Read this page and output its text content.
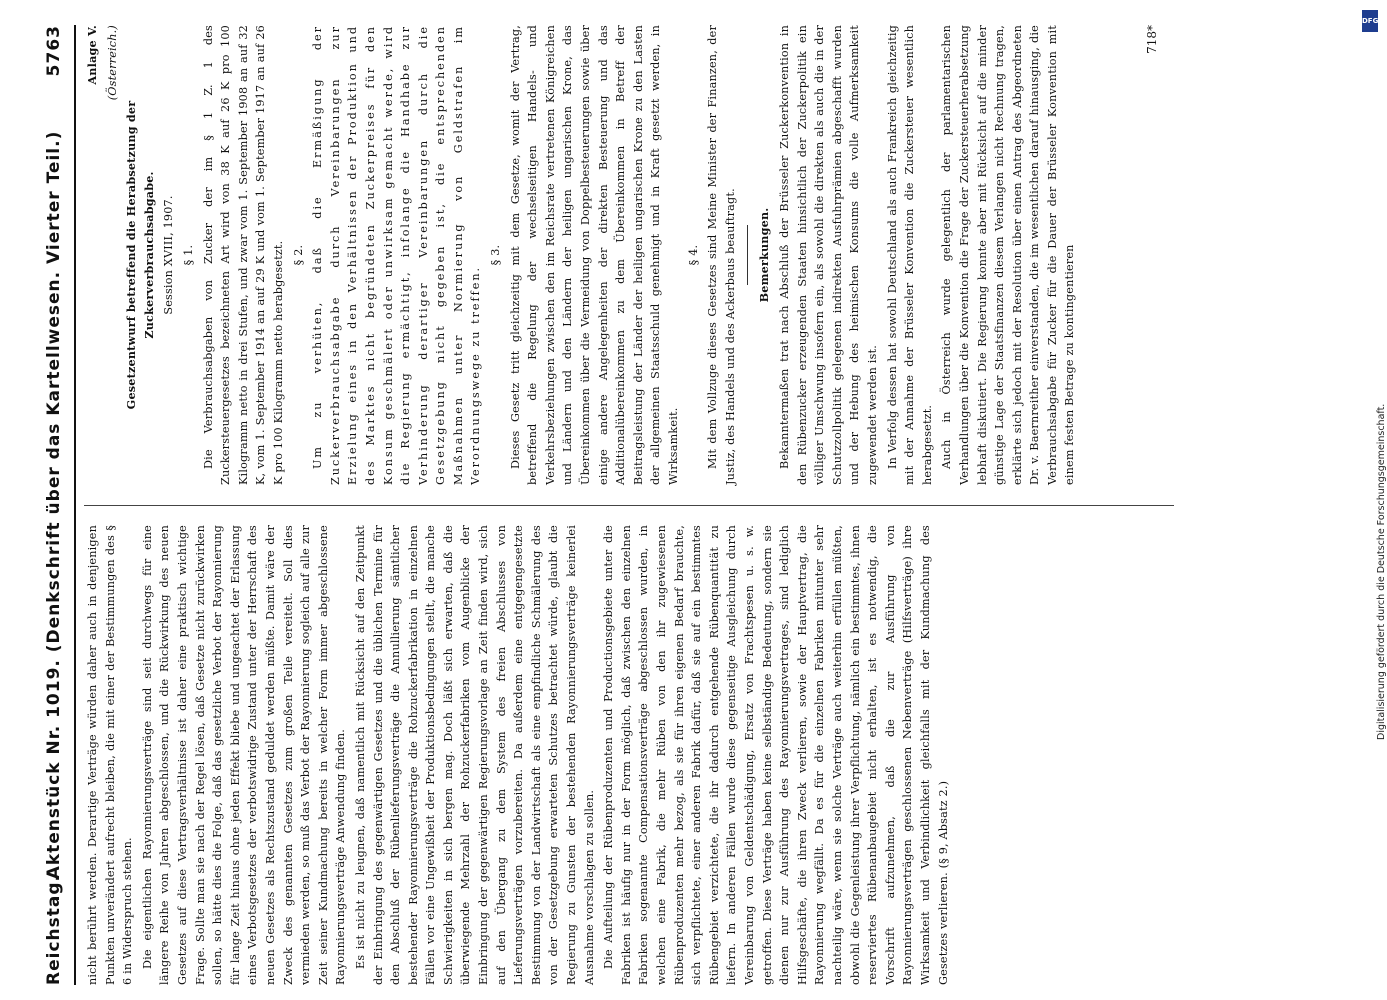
Reichstag.
Aktenstück Nr. 1019. (Denkschrift über das Kartellwesen. Vierter Teil.)
5763

nicht berührt werden. Derartige Verträge würden daher auch in denjenigen Punkten unverändert aufrecht bleiben, die mit einer der Bestimmungen des § 6 in Widerspruch stehen. Die eigentlichen Rayonnierungsverträge sind seit durchwegs für eine längere Reihe von Jahren abgeschlossen, und die Rückwirkung des neuen Gesetzes auf diese Vertragsverhältnisse ist daher eine praktisch wichtige Frage. Sollte man sie nach der Regel lösen, daß Gesetze nicht zurückwirken sollen, so hätte dies die Folge, daß das gesetzliche Verbot der Rayonnierung für lange Zeit hinaus ohne jeden Effekt bliebe und ungeachtet der Erlassung eines Verbotsgesetzes der verbotswidrige Zustand unter der Herrschaft des neuen Gesetzes als Rechtszustand geduldet werden müßte. Damit wäre der Zweck des genannten Gesetzes zum großen Teile vereitelt. Soll dies vermieden werden, so muß das Verbot der Rayonnierung sogleich auf alle zur Zeit seiner Kundmachung bereits in welcher Form immer abgeschlossene Rayonnierungsverträge Anwendung finden. Es ist nicht zu leugnen, daß namentlich mit Rücksicht auf den Zeitpunkt der Einbringung des gegenwärtigen Gesetzes und die üblichen Termine für den Abschluß der Rübenlieferungsverträge die Annullierung sämtlicher bestehender Rayonnierungsverträge die Rohzuckerfabrikation in einzelnen Fällen vor eine Ungewißheit der Produktionsbedingungen stellt, die manche Schwierigkeiten in sich bergen mag. Doch läßt sich erwarten, daß die überwiegende Mehrzahl der Rohzuckerfabriken vom Augenblicke der Einbringung der gegenwärtigen Regierungsvorlage an Zeit finden wird, sich auf den Übergang zu dem System des freien Abschlusses von Lieferungsverträgen vorzubereiten. Da außerdem eine entgegengesetzte Bestimmung von der Landwirtschaft als eine empfindliche Schmälerung des von der Gesetzgebung erwarteten Schutzes betrachtet würde, glaubt die Regierung zu Gunsten der bestehenden Rayonnierungsverträge keinerlei Ausnahme vorschlagen zu sollen. Die Aufteilung der Rübenproduzenten und Productionsgebiete unter die Fabriken ist häufig nur in der Form möglich, daß zwischen den einzelnen Fabriken sogenannte Compensationsverträge abgeschlossen wurden, in welchen eine Fabrik, die mehr Rüben von den ihr zugewiesenen Rübenproduzenten mehr bezog, als sie für ihren eigenen Bedarf brauchte, sich verpflichtete, einer anderen Fabrik dafür, daß sie auf ein bestimmtes Rübengebiet verzichtete, die ihr dadurch entgehende Rübenquantität zu liefern. In anderen Fällen wurde diese gegenseitige Ausgleichung durch Vereinbarung von Geldentschädigung, Ersatz von Frachtspesen u. s. w. getroffen. Diese Verträge haben keine selbständige Bedeutung, sondern sie dienen nur zur Ausführung des Rayonnierungsvertrages, sind lediglich Hilfsgeschäfte, die ihren Zweck verlieren, sowie der Hauptvertrag, die Rayonnierung wegfällt. Da es für die einzelnen Fabriken mitunter sehr nachteilig wäre, wenn sie solche Verträge auch weiterhin erfüllen müßten, obwohl die Gegenleistung ihrer Verpflichtung, nämlich ein bestimmtes, ihnen reserviertes Rübenanbaugebiet nicht erhalten, ist es notwendig, die Vorschrift aufzunehmen, daß die zur Ausführung von Rayonnierungsverträgen geschlossenen Nebenverträge (Hilfsverträge) ihre Wirksamkeit und Verbindlichkeit gleichfalls mit der Kundmachung des Gesetzes verlieren. (§ 9, Absatz 2.)

Anlage V. (Österreich.)

Gesetzentwurf betreffend die Herabsetzung der Zuckerverbrauchsabgabe. Session XVIII, 1907. § 1. Die Verbrauchsabgaben von Zucker der im § 1 Z. 1 des Zuckersteuergesetzes bezeichneten Art wird von 38 K auf 26 K pro 100 Kilogramm netto in drei Stufen, und zwar vom 1. September 1908 an auf 32 K, vom 1. September 1914 an auf 29 K und vom 1. September 1917 an auf 26 K pro 100 Kilogramm netto herabgesetzt. § 2. Um zu verhüten, daß die Ermäßigung der Zuckerverbrauchsabgabe durch Vereinbarungen zur Erzielung eines in den Verhältnissen der Produktion und des Marktes nicht begründeten Zuckerpreises für den Konsum geschmälert oder unwirksam gemacht werde, wird die Regierung ermächtigt, infolange die Handhabe zur Verhinderung derartiger Vereinbarungen durch die Gesetzgebung nicht gegeben ist, die entsprechenden Maßnahmen unter Normierung von Geldstrafen im Verordnungswege zu treffen.

§ 3. Dieses Gesetz tritt gleichzeitig mit dem Gesetze, womit der Vertrag, betreffend die Regelung der wechselseitigen Handels- und Verkehrsbeziehungen zwischen den im Reichsrate vertretenen Königreichen und Ländern und den Ländern der heiligen ungarischen Krone, das Übereinkommen über die Vermeidung von Doppelbesteuerungen sowie über einige andere Angelegenheiten der direkten Besteuerung und das Additionalübereinkommen zu dem Übereinkommen in Betreff der Beitragsleistung der Länder der heiligen ungarischen Krone zu den Lasten der allgemeinen Staatsschuld genehmigt und in Kraft gesetzt werden, in Wirksamkeit.

§ 4. Mit dem Vollzuge dieses Gesetzes sind Meine Minister der Finanzen, der Justiz, des Handels und des Ackerbaus beauftragt. Bemerkungen. Bekanntermaßen trat nach Abschluß der Brüsseler Zuckerkonvention in den Rübenzucker erzeugenden Staaten hinsichtlich der Zuckerpolitik ein völliger Umschwung insofern ein, als sowohl die direkten als auch die in der Schutzzollpolitik gelegenen indirekten Ausfuhrprämien abgeschafft wurden und der Hebung des heimischen Konsums die volle Aufmerksamkeit zugewendet werden ist. In Verfolg dessen hat sowohl Deutschland als auch Frankreich gleichzeitig mit der Annahme der Brüsseler Konvention die Zuckersteuer wesentlich herabgesetzt. Auch in Österreich wurde gelegentlich der parlamentarischen Verhandlungen über die Konvention die Frage der Zuckersteuerherabsetzung lebhaft diskutiert. Die Regierung konnte aber mit Rücksicht auf die minder günstige Lage der Staatsfinanzen diesem Verlangen nicht Rechnung tragen, erklärte sich jedoch mit der Resolution über einen Antrag des Abgeordneten Dr. v. Baernreither einverstanden, die im wesentlichen darauf hinausging, die Verbrauchsabgabe für Zucker für die Dauer der Brüsseler Konvention mit einem festen Betrage zu kontingentieren

718*
DFG
Digitalisierung gefördert durch die Deutsche Forschungsgemeinschaft.
